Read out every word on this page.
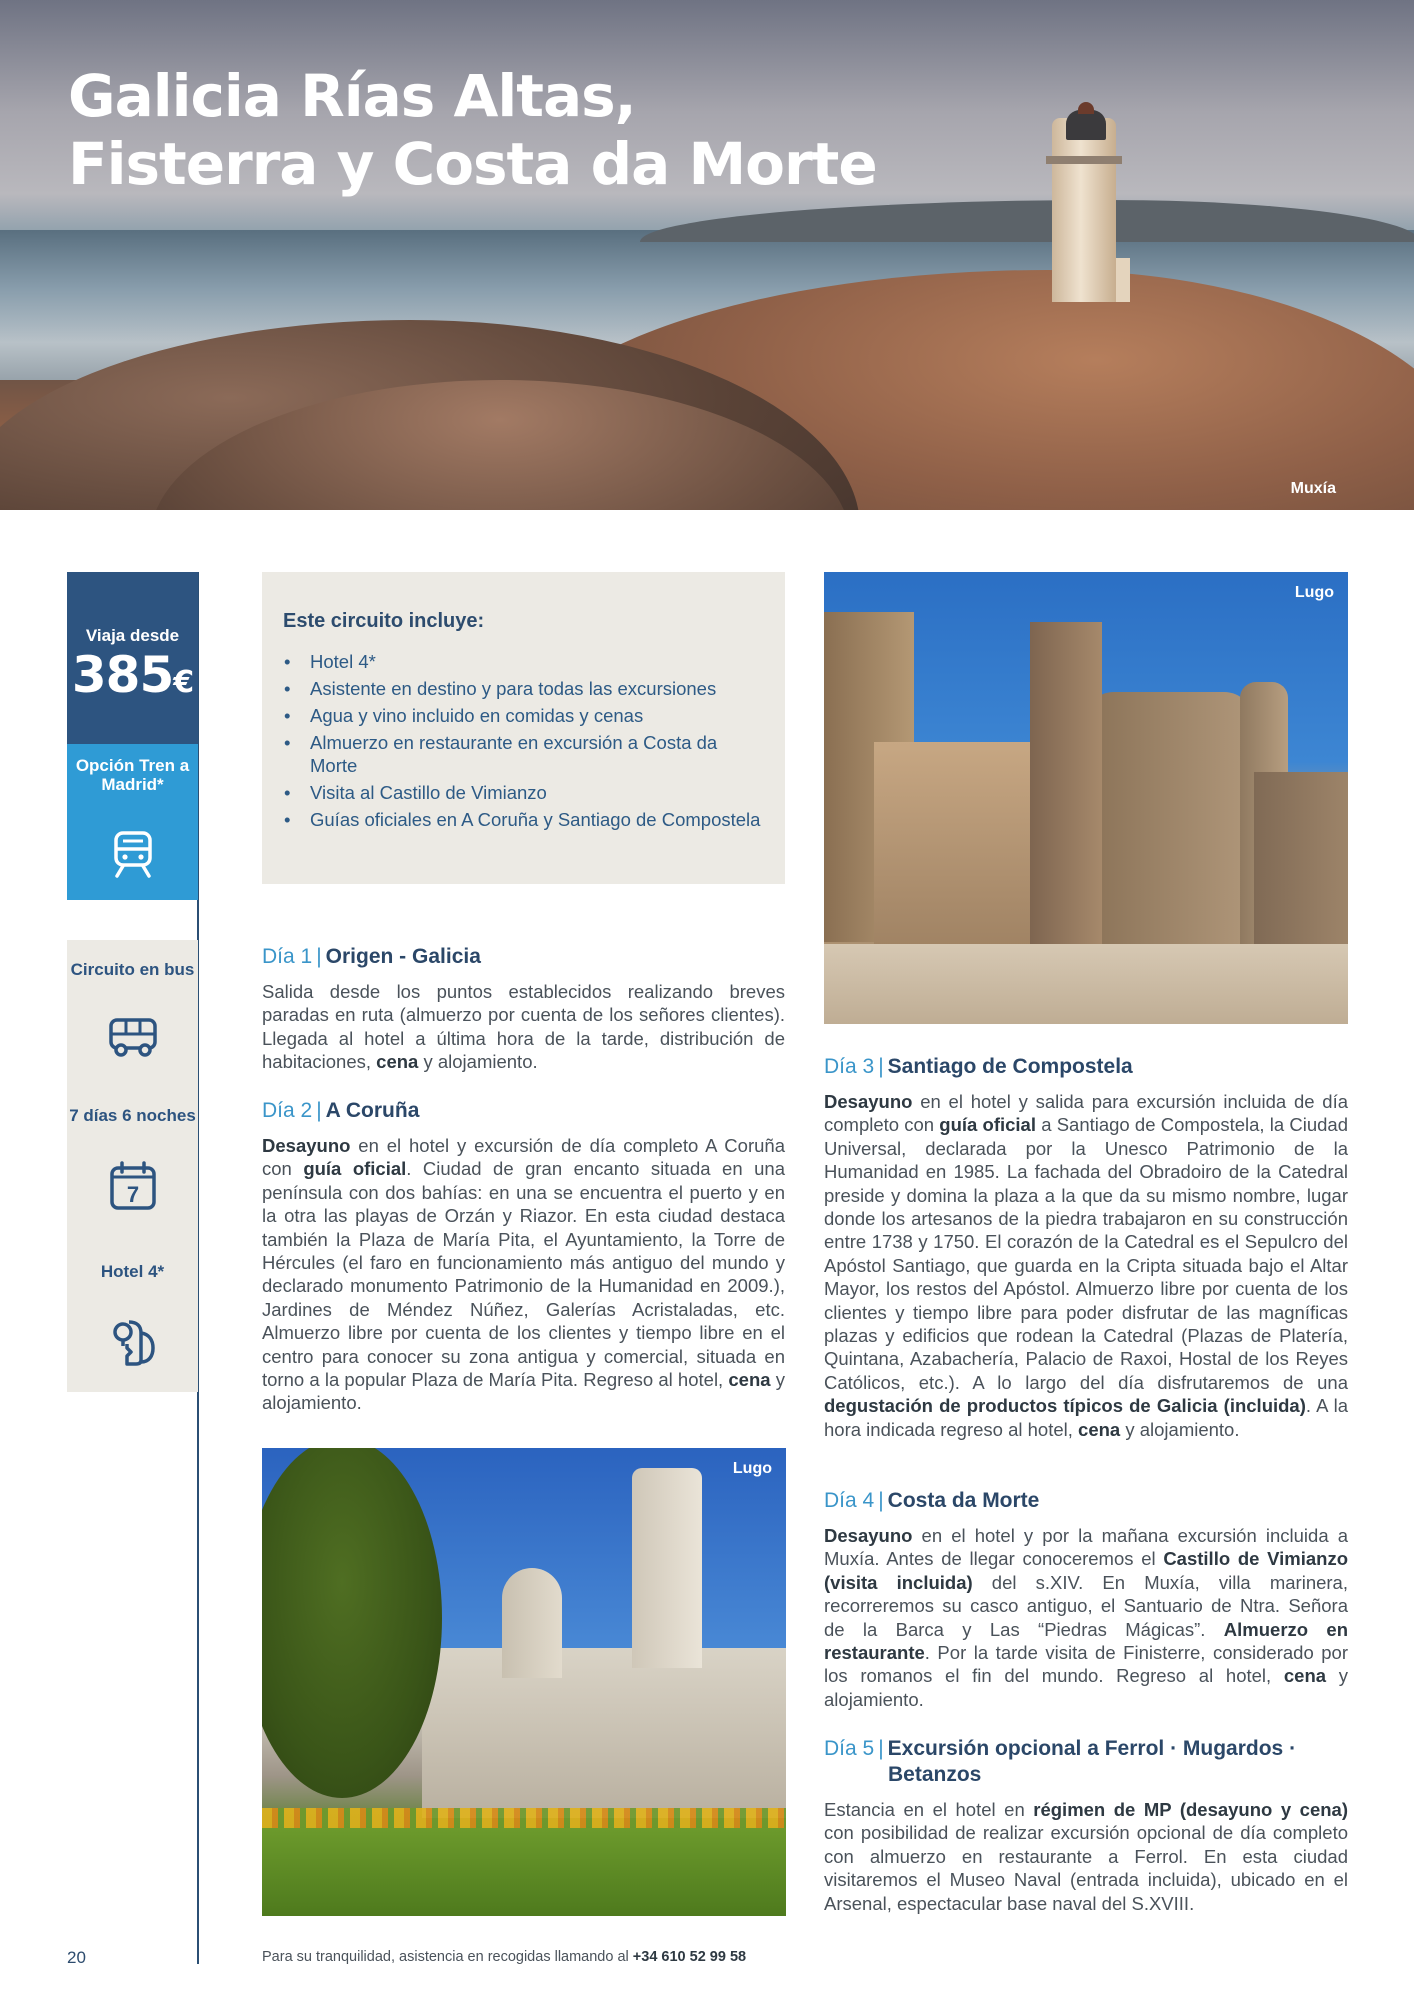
Galicia Rías Altas,
Fisterra y Costa da Morte
Muxía
Viaja desde
385€
Opción Tren a Madrid*
Circuito en bus
7 días 6 noches
7
Hotel 4*
Este circuito incluye:
• Hotel 4*
• Asistente en destino y para todas las excursiones
• Agua y vino incluido en comidas y cenas
• Almuerzo en restaurante en excursión a Costa da Morte
• Visita al Castillo de Vimianzo
• Guías oficiales en A Coruña y Santiago de Compostela
Día 1 | Origen - Galicia
Salida desde los puntos establecidos realizando breves paradas en ruta (almuerzo por cuenta de los señores clientes). Llegada al hotel a última hora de la tarde, distribución de habitaciones, cena y alojamiento.
Día 2 | A Coruña
Desayuno en el hotel y excursión de día completo A Coruña con guía oficial. Ciudad de gran encanto situada en una península con dos bahías: en una se encuentra el puerto y en la otra las playas de Orzán y Riazor. En esta ciudad destaca también la Plaza de María Pita, el Ayuntamiento, la Torre de Hércules (el faro en funcionamiento más antiguo del mundo y declarado monumento Patrimonio de la Humanidad en 2009.), Jardines de Méndez Núñez, Galerías Acristaladas, etc. Almuerzo libre por cuenta de los clientes y tiempo libre en el centro para conocer su zona antigua y comercial, situada en torno a la popular Plaza de María Pita. Regreso al hotel, cena y alojamiento.
Lugo
Día 3 | Santiago de Compostela
Desayuno en el hotel y salida para excursión incluida de día completo con guía oficial a Santiago de Compostela, la Ciudad Universal, declarada por la Unesco Patrimonio de la Humanidad en 1985. La fachada del Obradoiro de la Catedral preside y domina la plaza a la que da su mismo nombre, lugar donde los artesanos de la piedra trabajaron en su construcción entre 1738 y 1750. El corazón de la Catedral es el Sepulcro del Apóstol Santiago, que guarda en la Cripta situada bajo el Altar Mayor, los restos del Apóstol. Almuerzo libre por cuenta de los clientes y tiempo libre para poder disfrutar de las magníficas plazas y edificios que rodean la Catedral (Plazas de Platería, Quintana, Azabachería, Palacio de Raxoi, Hostal de los Reyes Católicos, etc.). A lo largo del día disfrutaremos de una degustación de productos típicos de Galicia (incluida). A la hora indicada regreso al hotel, cena y alojamiento.
Día 4 | Costa da Morte
Desayuno en el hotel y por la mañana excursión incluida a Muxía. Antes de llegar conoceremos el Castillo de Vimianzo (visita incluida) del s.XIV. En Muxía, villa marinera, recorreremos su casco antiguo, el Santuario de Ntra. Señora de la Barca y Las “Piedras Mágicas”. Almuerzo en restaurante. Por la tarde visita de Finisterre, considerado por los romanos el fin del mundo. Regreso al hotel, cena y alojamiento.
Día 5 | Excursión opcional a Ferrol · Mugardos · Betanzos
Estancia en el hotel en régimen de MP (desayuno y cena) con posibilidad de realizar excursión opcional de día completo con almuerzo en restaurante a Ferrol. En esta ciudad visitaremos el Museo Naval (entrada incluida), ubicado en el Arsenal, espectacular base naval del S.XVIII.
Lugo
20	Para su tranquilidad, asistencia en recogidas llamando al +34 610 52 99 58
